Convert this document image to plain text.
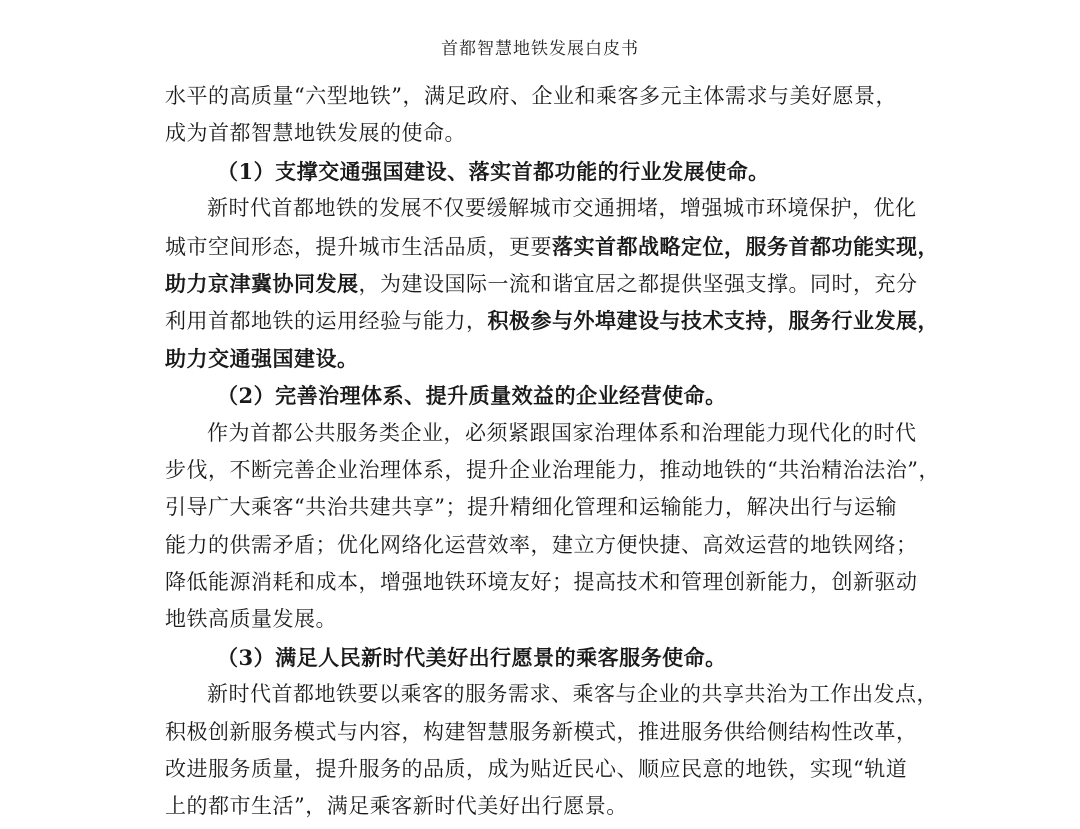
首都智慧地铁发展白皮书
水平的高质量“六型地铁”，满足政府、企业和乘客多元主体需求与美好愿景，
成为首都智慧地铁发展的使命。
（1）支撑交通强国建设、落实首都功能的行业发展使命。
新时代首都地铁的发展不仅要缓解城市交通拥堵，增强城市环境保护，优化
城市空间形态，提升城市生活品质，更要落实首都战略定位，服务首都功能实现，
助力京津冀协同发展，为建设国际一流和谐宜居之都提供坚强支撑。同时，充分
利用首都地铁的运用经验与能力，积极参与外埠建设与技术支持，服务行业发展，
助力交通强国建设。
（2）完善治理体系、提升质量效益的企业经营使命。
作为首都公共服务类企业，必须紧跟国家治理体系和治理能力现代化的时代
步伐，不断完善企业治理体系，提升企业治理能力，推动地铁的“共治精治法治”，
引导广大乘客“共治共建共享”；提升精细化管理和运输能力，解决出行与运输
能力的供需矛盾；优化网络化运营效率，建立方便快捷、高效运营的地铁网络；
降低能源消耗和成本，增强地铁环境友好；提高技术和管理创新能力，创新驱动
地铁高质量发展。
（3）满足人民新时代美好出行愿景的乘客服务使命。
新时代首都地铁要以乘客的服务需求、乘客与企业的共享共治为工作出发点，
积极创新服务模式与内容，构建智慧服务新模式，推进服务供给侧结构性改革，
改进服务质量，提升服务的品质，成为贴近民心、顺应民意的地铁，实现“轨道
上的都市生活”，满足乘客新时代美好出行愿景。
